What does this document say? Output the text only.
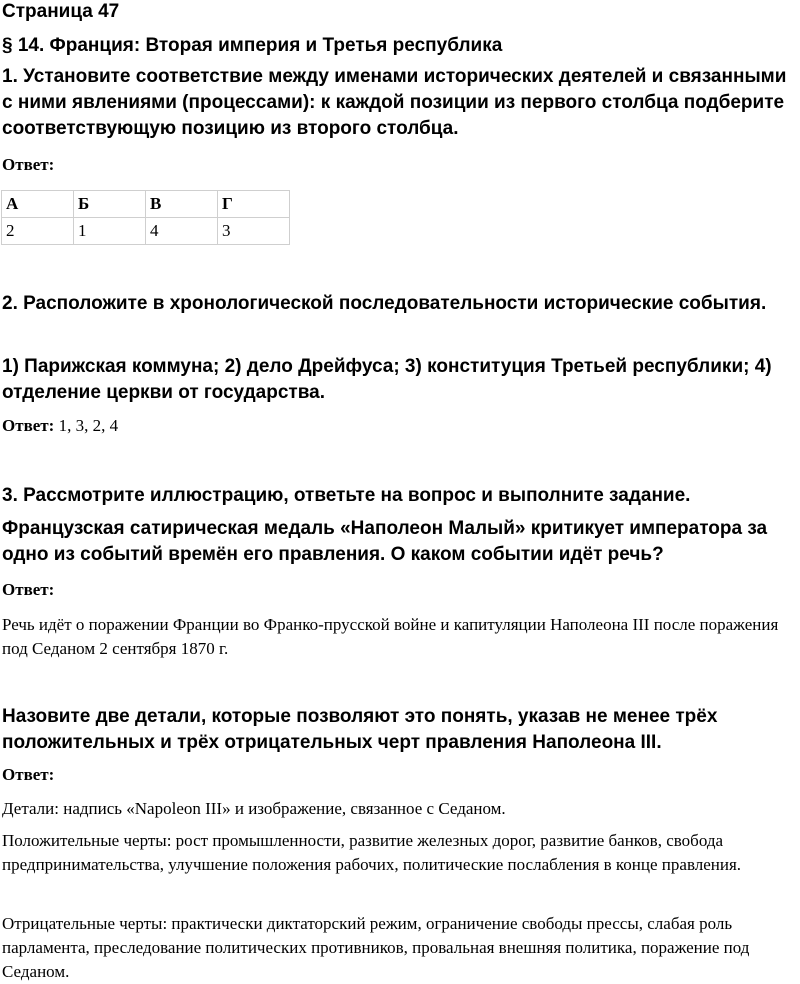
Страница 47

§ 14. Франция: Вторая империя и Третья республика

1. Установите соответствие между именами исторических деятелей и связанными с ними явлениями (процессами): к каждой позиции из первого столбца подберите соответствующую позицию из второго столбца.

Ответ:

А	Б	В	Г
2	1	4	3

2. Расположите в хронологической последовательности исторические события.

1) Парижская коммуна; 2) дело Дрейфуса; 3) конституция Третьей республики; 4) отделение церкви от государства.

Ответ: 1, 3, 2, 4

3. Рассмотрите иллюстрацию, ответьте на вопрос и выполните задание.

Французская сатирическая медаль «Наполеон Малый» критикует императора за одно из событий времён его правления. О каком событии идёт речь?

Ответ:

Речь идёт о поражении Франции во Франко-прусской войне и капитуляции Наполеона III после поражения под Седаном 2 сентября 1870 г.

Назовите две детали, которые позволяют это понять, указав не менее трёх положительных и трёх отрицательных черт правления Наполеона III.

Ответ:

Детали: надпись «Napoleon III» и изображение, связанное с Седаном.

Положительные черты: рост промышленности, развитие железных дорог, развитие банков, свобода предпринимательства, улучшение положения рабочих, политические послабления в конце правления.

Отрицательные черты: практически диктаторский режим, ограничение свободы прессы, слабая роль парламента, преследование политических противников, провальная внешняя политика, поражение под Седаном.
